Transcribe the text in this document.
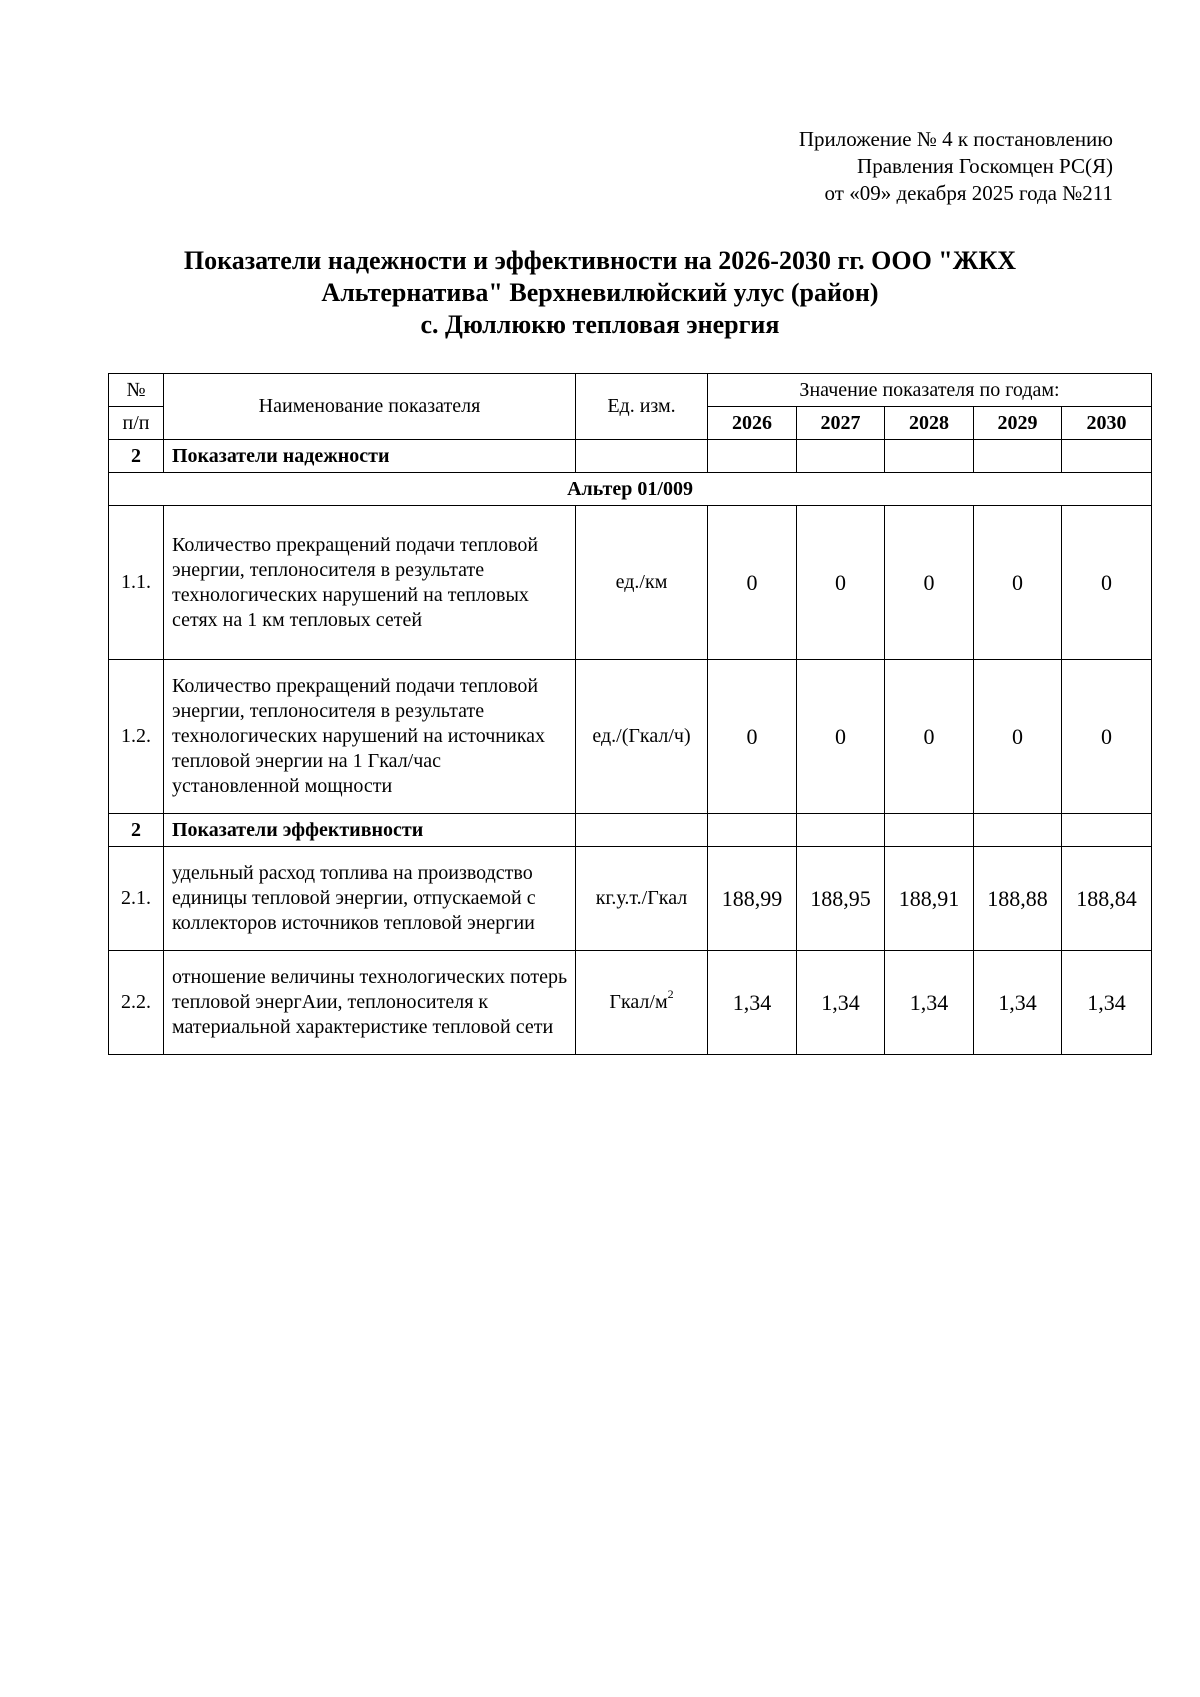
Приложение № 4 к постановлению
Правления Госкомцен РС(Я)
от «09» декабря 2025 года №211
Показатели надежности и эффективности на 2026-2030 гг. ООО "ЖКХ
Альтернатива" Верхневилюйский улус (район)
с. Дюллюкю тепловая энергия
№	Наименование показателя	Ед. изм.	Значение показателя по годам:				
п/п			2026	2027	2028	2029	2030
2	Показатели надежности						
Альтер 01/009							
1.1.	Количество прекращений подачи тепловой энергии, теплоносителя в результате технологических нарушений на тепловых сетях на 1 км тепловых сетей	ед./км	0	0	0	0	0
1.2.	Количество прекращений подачи тепловой энергии, теплоносителя в результате технологических нарушений на источниках тепловой энергии на 1 Гкал/час установленной мощности	ед./(Гкал/ч)	0	0	0	0	0
2	Показатели эффективности						
2.1.	удельный расход топлива на производство единицы тепловой энергии, отпускаемой с коллекторов источников тепловой энергии	кг.у.т./Гкал	188,99	188,95	188,91	188,88	188,84
2.2.	отношение величины технологических потерь тепловой энергАии, теплоносителя к материальной характеристике тепловой сети	Гкал/$м^2$	1,34	1,34	1,34	1,34	1,34
